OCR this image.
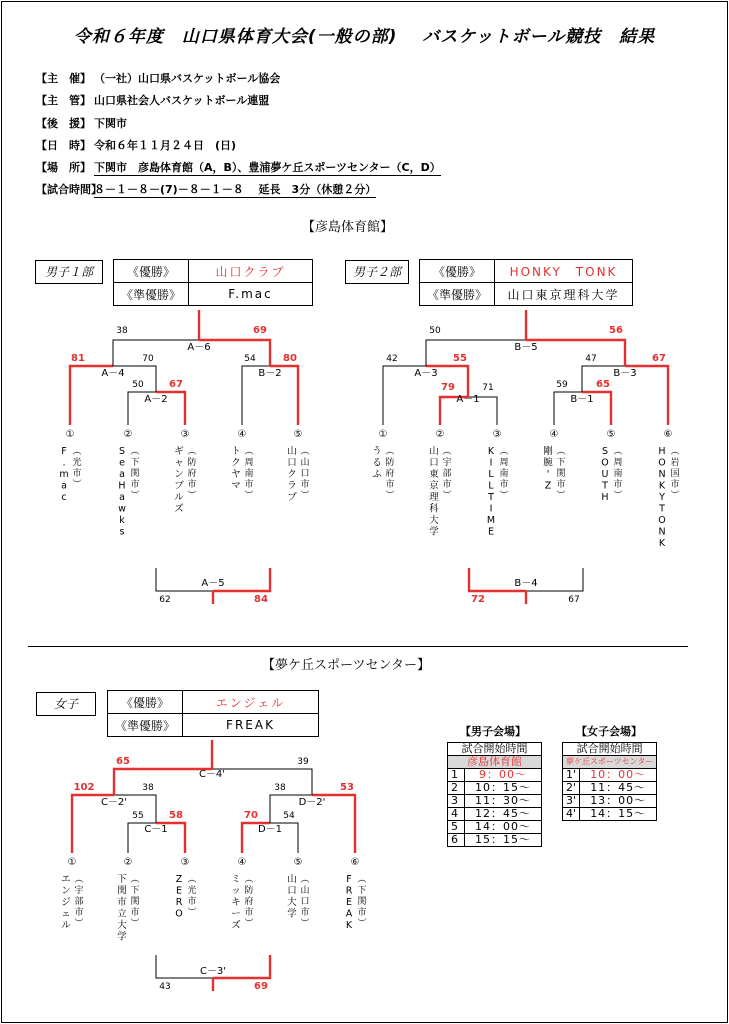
令和６年度　山口県体育大会(一般の部)　 バスケットボール競技　結果
【彦島体育館】
【夢ケ丘スポーツセンター】
男子１部	《優勝》	山口クラブ
《準優勝》	F.mac
男子２部	《優勝》	HONKY　TONK
《準優勝》	山口東京理科大学
女子	《優勝》	エンジェル
《準優勝》	FREAK	【男子会場】	【女子会場】
試合開始時間	
彦島体育館	
1	9：00～
2	10：15～
3	11：30～
4	12：45～
5	14：00～
6	15：15～
試合開始時間	
夢ケ丘スポーツセンター	
1'	10：00～
2'	11：45～
3'	13：00～
4'	14：15～
50	67
A－2
81	70
A－4
54	80
B－2
38	69
A－6
62	84
A－5
79	71
A－1
59	65
B－1
42	55
A－3
47	67
B－3
50	56
B－5
72	67
B－4
55	58
C－1
70	54
D－1
102	38
C－2'
38	53
D－2'
65	39
C－4'
43	69
C－3'
①
F
.
m
a
c
︵
光
市
︶
②
S
e
a
H
a
w
k
s
︵
下
関
市
︶
③
ギ
ャ
ン
ブ
ル
ズ
︵
防
府
市
︶
④
ト
ク
ヤ
マ
︵
周
南
市
︶
⑤
山
口
ク
ラ
ブ
︵
山
口
市
︶
①
う
る
ふ
︵
防
府
市
︶
②
山
口
東
京
理
科
大
学
︵
宇
部
市
︶
③
K
I
L
L
T
I
M
E
︵
周
南
市
︶
④
剛
腕
'
Z
︵
下
関
市
︶
⑤
S
O
U
T
H
︵
周
南
市
︶
⑥
H
O
N
K
Y
T
O
N
K
︵
岩
国
市
︶
①
エ
ン
ジ
ェ
ル
︵
宇
部
市
︶
②
下
関
市
立
大
学
︵
下
関
市
︶
③
Z
E
R
O
︵
光
市
︶
④
ミ
ッ
キ
ー
ズ
︵
防
府
市
︶
⑤
山
口
大
学
︵
山
口
市
︶
⑥
F
R
E
A
K
︵
下
関
市
︶
【主　催】 （一社）山口県バスケットボール協会
【主　管】 山口県社会人バスケットボール連盟
【後　援】 下関市
【日　時】 令和６年１１月２４日　(日)
【場　所】 下関市　彦島体育館（A，B）、豊浦夢ケ丘スポーツセンター（C，D）
【試合時間】８－１－８－(7)－８－１－８　 延長　3分（休憩２分）
